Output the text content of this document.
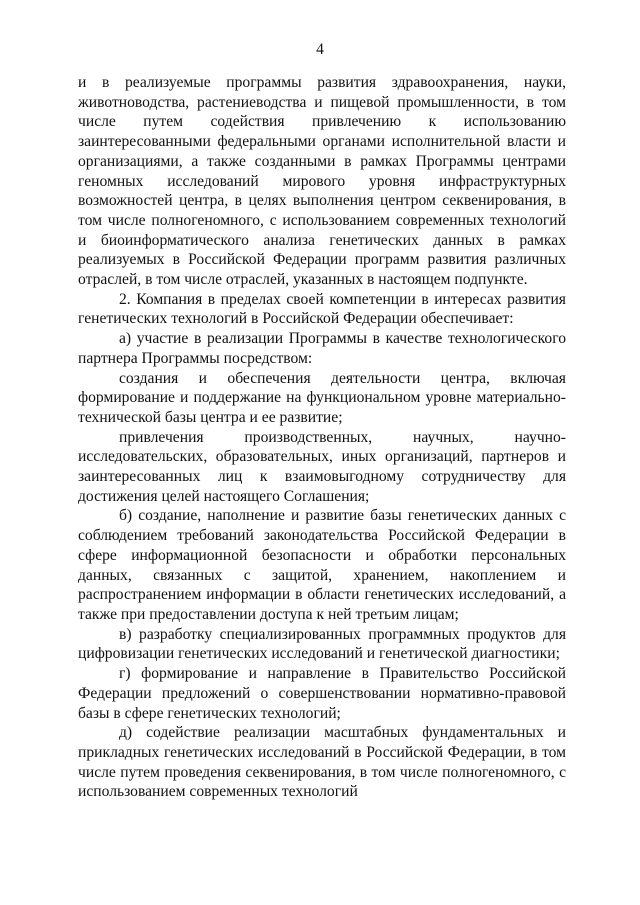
4

и в реализуемые программы развития здравоохранения, науки, животноводства, растениеводства и пищевой промышленности, в том числе путем содействия привлечению к использованию заинтересованными федеральными органами исполнительной власти и организациями, а также созданными в рамках Программы центрами геномных исследований мирового уровня инфраструктурных возможностей центра, в целях выполнения центром секвенирования, в том числе полногеномного, с использованием современных технологий и биоинформатического анализа генетических данных в рамках реализуемых в Российской Федерации программ развития различных отраслей, в том числе отраслей, указанных в настоящем подпункте.

2. Компания в пределах своей компетенции в интересах развития генетических технологий в Российской Федерации обеспечивает:

а) участие в реализации Программы в качестве технологического партнера Программы посредством:

создания и обеспечения деятельности центра, включая формирование и поддержание на функциональном уровне материально-технической базы центра и ее развитие;

привлечения производственных, научных, научно-исследовательских, образовательных, иных организаций, партнеров и заинтересованных лиц к взаимовыгодному сотрудничеству для достижения целей настоящего Соглашения;

б) создание, наполнение и развитие базы генетических данных с соблюдением требований законодательства Российской Федерации в сфере информационной безопасности и обработки персональных данных, связанных с защитой, хранением, накоплением и распространением информации в области генетических исследований, а также при предоставлении доступа к ней третьим лицам;

в) разработку специализированных программных продуктов для цифровизации генетических исследований и генетической диагностики;

г) формирование и направление в Правительство Российской Федерации предложений о совершенствовании нормативно-правовой базы в сфере генетических технологий;

д) содействие реализации масштабных фундаментальных и прикладных генетических исследований в Российской Федерации, в том числе путем проведения секвенирования, в том числе полногеномного, с использованием современных технологий
